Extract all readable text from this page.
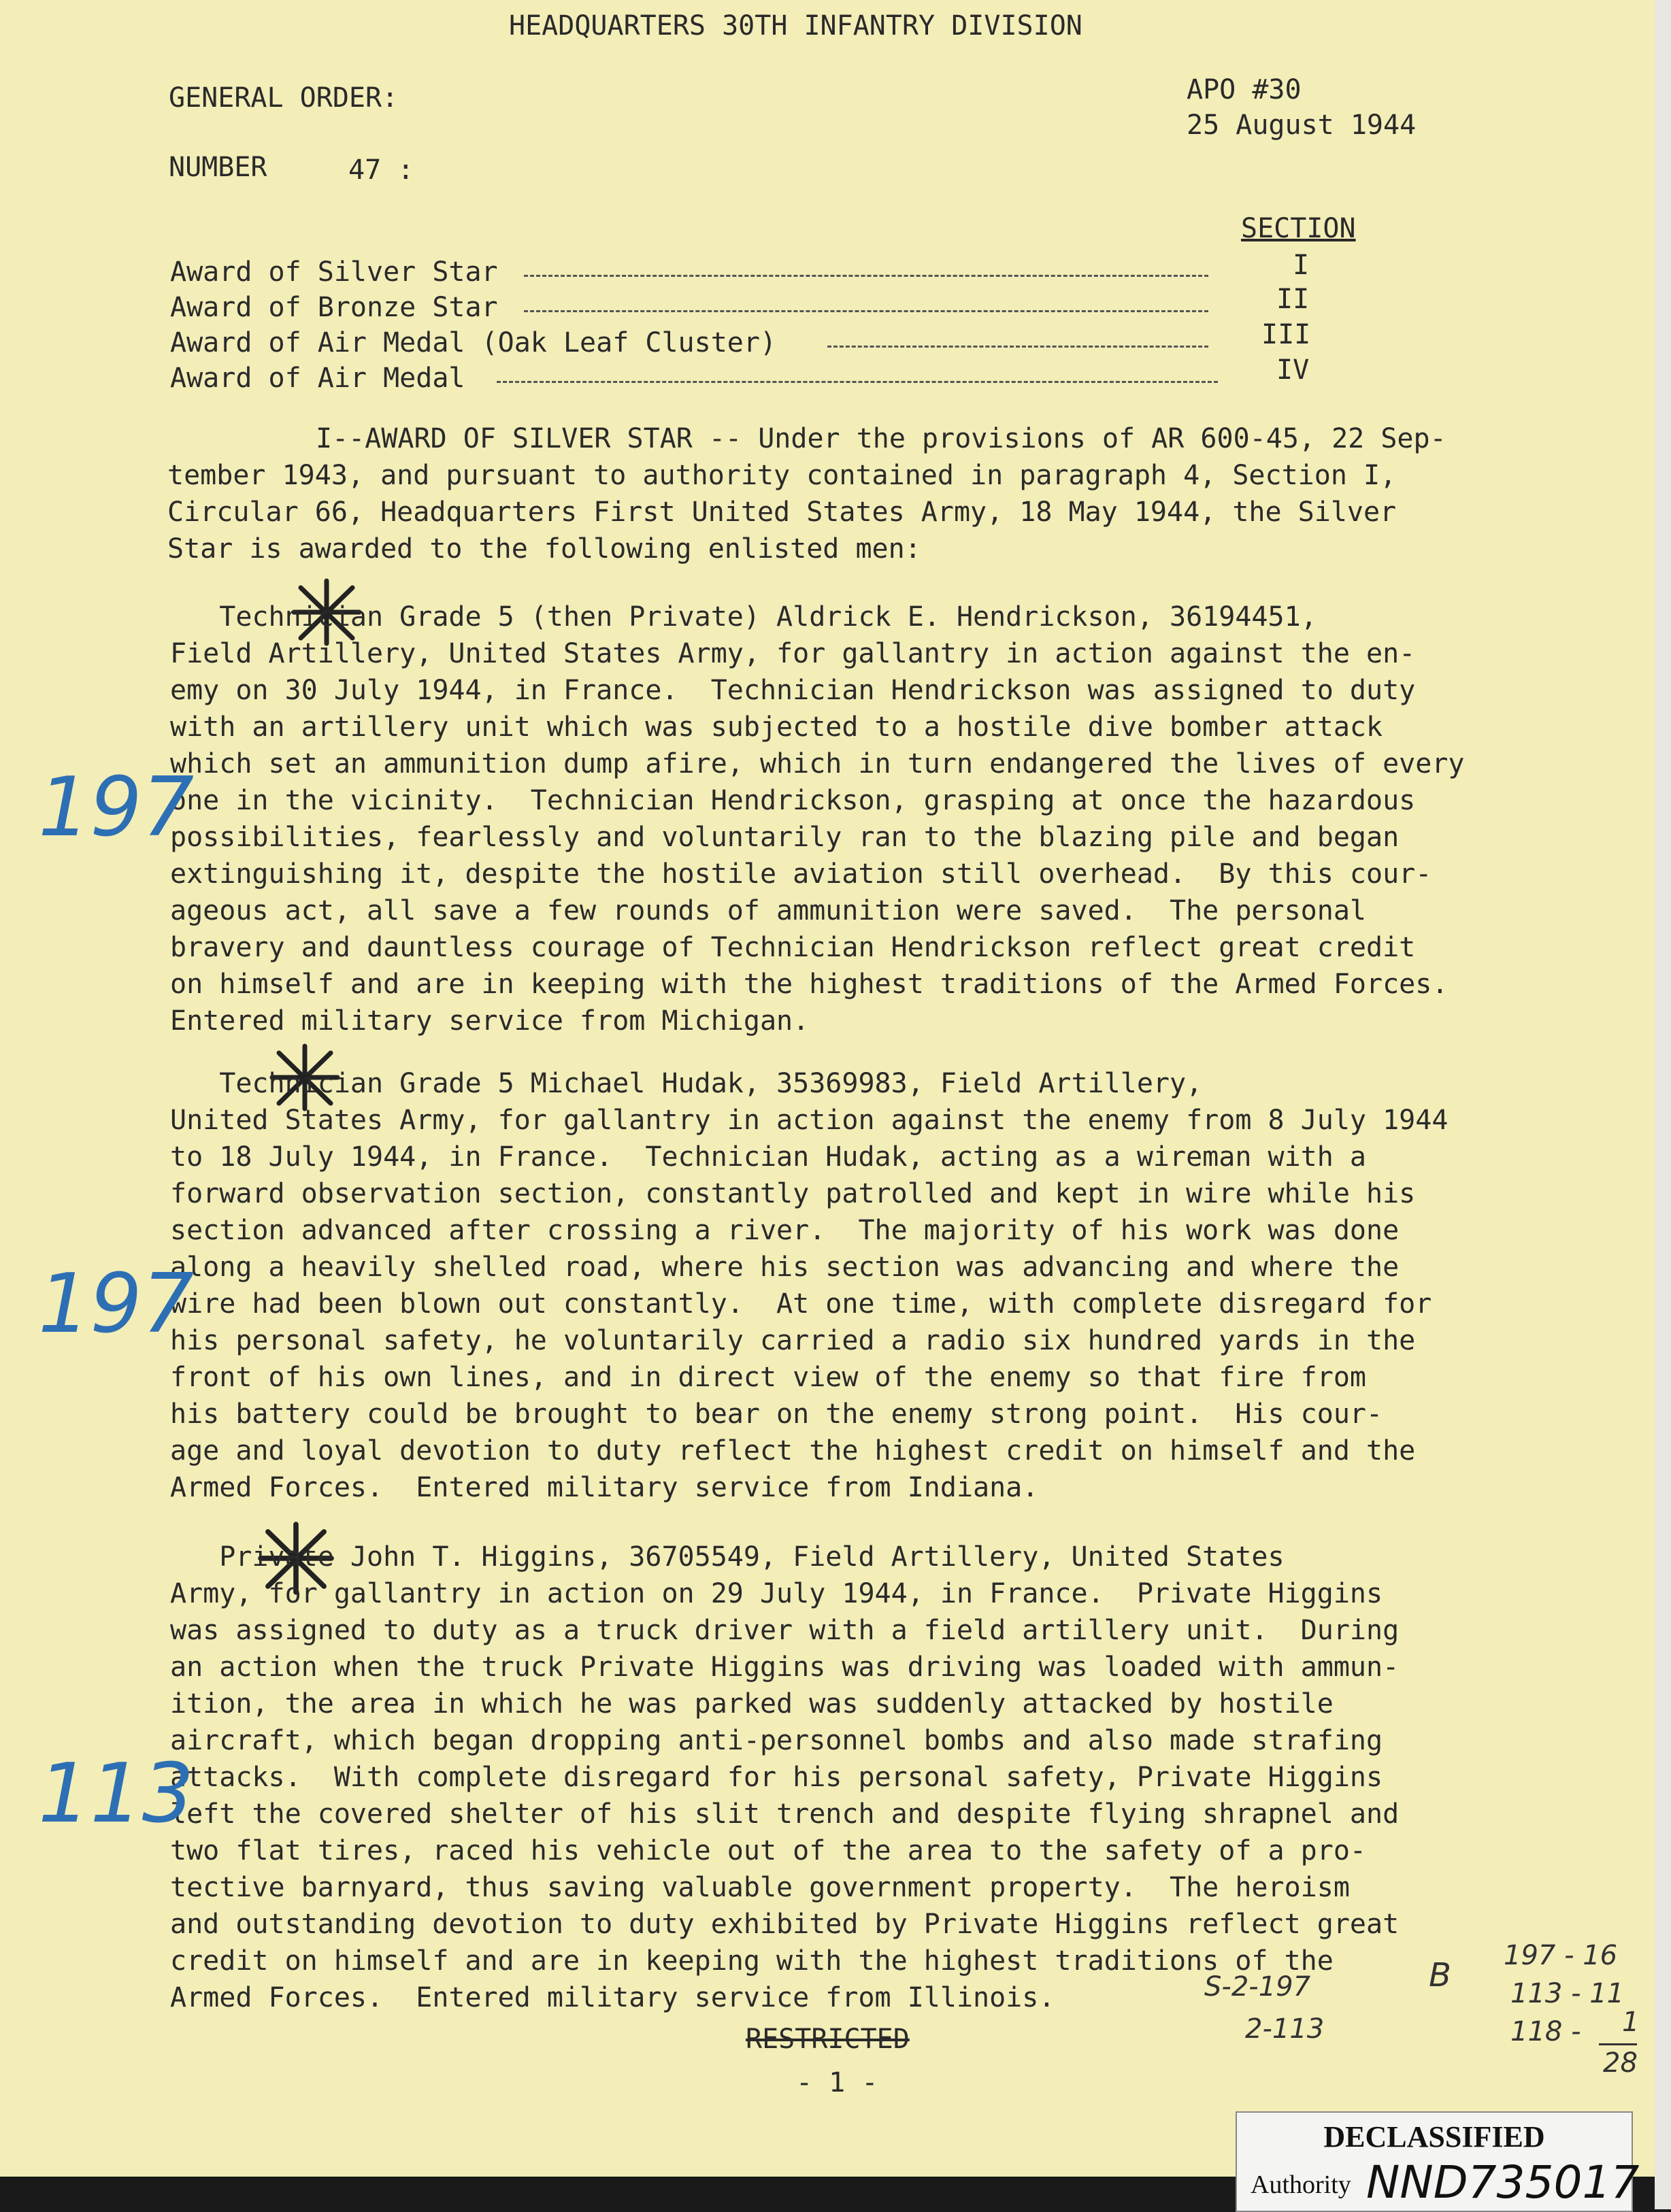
HEADQUARTERS 30TH INFANTRY DIVISION
GENERAL ORDER:	APO #30
25 August 1944
NUMBER	47 :
SECTION
Award of Silver Star	I
Award of Bronze Star	II
Award of Air Medal (Oak Leaf Cluster)	III
Award of Air Medal	IV
I--AWARD OF SILVER STAR -- Under the provisions of AR 600-45, 22 Sep-
tember 1943, and pursuant to authority contained in paragraph 4, Section I,
Circular 66, Headquarters First United States Army, 18 May 1944, the Silver
Star is awarded to the following enlisted men:
Technician Grade 5 (then Private) Aldrick E. Hendrickson, 36194451,
Field Artillery, United States Army, for gallantry in action against the en-
emy on 30 July 1944, in France.  Technician Hendrickson was assigned to duty
with an artillery unit which was subjected to a hostile dive bomber attack
which set an ammunition dump afire, which in turn endangered the lives of every
one in the vicinity.  Technician Hendrickson, grasping at once the hazardous
possibilities, fearlessly and voluntarily ran to the blazing pile and began
extinguishing it, despite the hostile aviation still overhead.  By this cour-
ageous act, all save a few rounds of ammunition were saved.  The personal
bravery and dauntless courage of Technician Hendrickson reflect great credit
on himself and are in keeping with the highest traditions of the Armed Forces.
Entered military service from Michigan.
197
Technician Grade 5 Michael Hudak, 35369983, Field Artillery,
United States Army, for gallantry in action against the enemy from 8 July 1944
to 18 July 1944, in France.  Technician Hudak, acting as a wireman with a
forward observation section, constantly patrolled and kept in wire while his
section advanced after crossing a river.  The majority of his work was done
along a heavily shelled road, where his section was advancing and where the
wire had been blown out constantly.  At one time, with complete disregard for
his personal safety, he voluntarily carried a radio six hundred yards in the
front of his own lines, and in direct view of the enemy so that fire from
his battery could be brought to bear on the enemy strong point.  His cour-
age and loyal devotion to duty reflect the highest credit on himself and the
Armed Forces.  Entered military service from Indiana.
197
Private John T. Higgins, 36705549, Field Artillery, United States
Army, for gallantry in action on 29 July 1944, in France.  Private Higgins
was assigned to duty as a truck driver with a field artillery unit.  During
an action when the truck Private Higgins was driving was loaded with ammun-
ition, the area in which he was parked was suddenly attacked by hostile
aircraft, which began dropping anti-personnel bombs and also made strafing
attacks.  With complete disregard for his personal safety, Private Higgins
left the covered shelter of his slit trench and despite flying shrapnel and
two flat tires, raced his vehicle out of the area to the safety of a pro-
tective barnyard, thus saving valuable government property.  The heroism
and outstanding devotion to duty exhibited by Private Higgins reflect great
credit on himself and are in keeping with the highest traditions of the
Armed Forces.  Entered military service from Illinois.
113
RESTRICTED
- 1 -
S-2-197
2-113
B
197 - 16
113 - 11
118 - 1
28
DECLASSIFIED
Authority NND735017
